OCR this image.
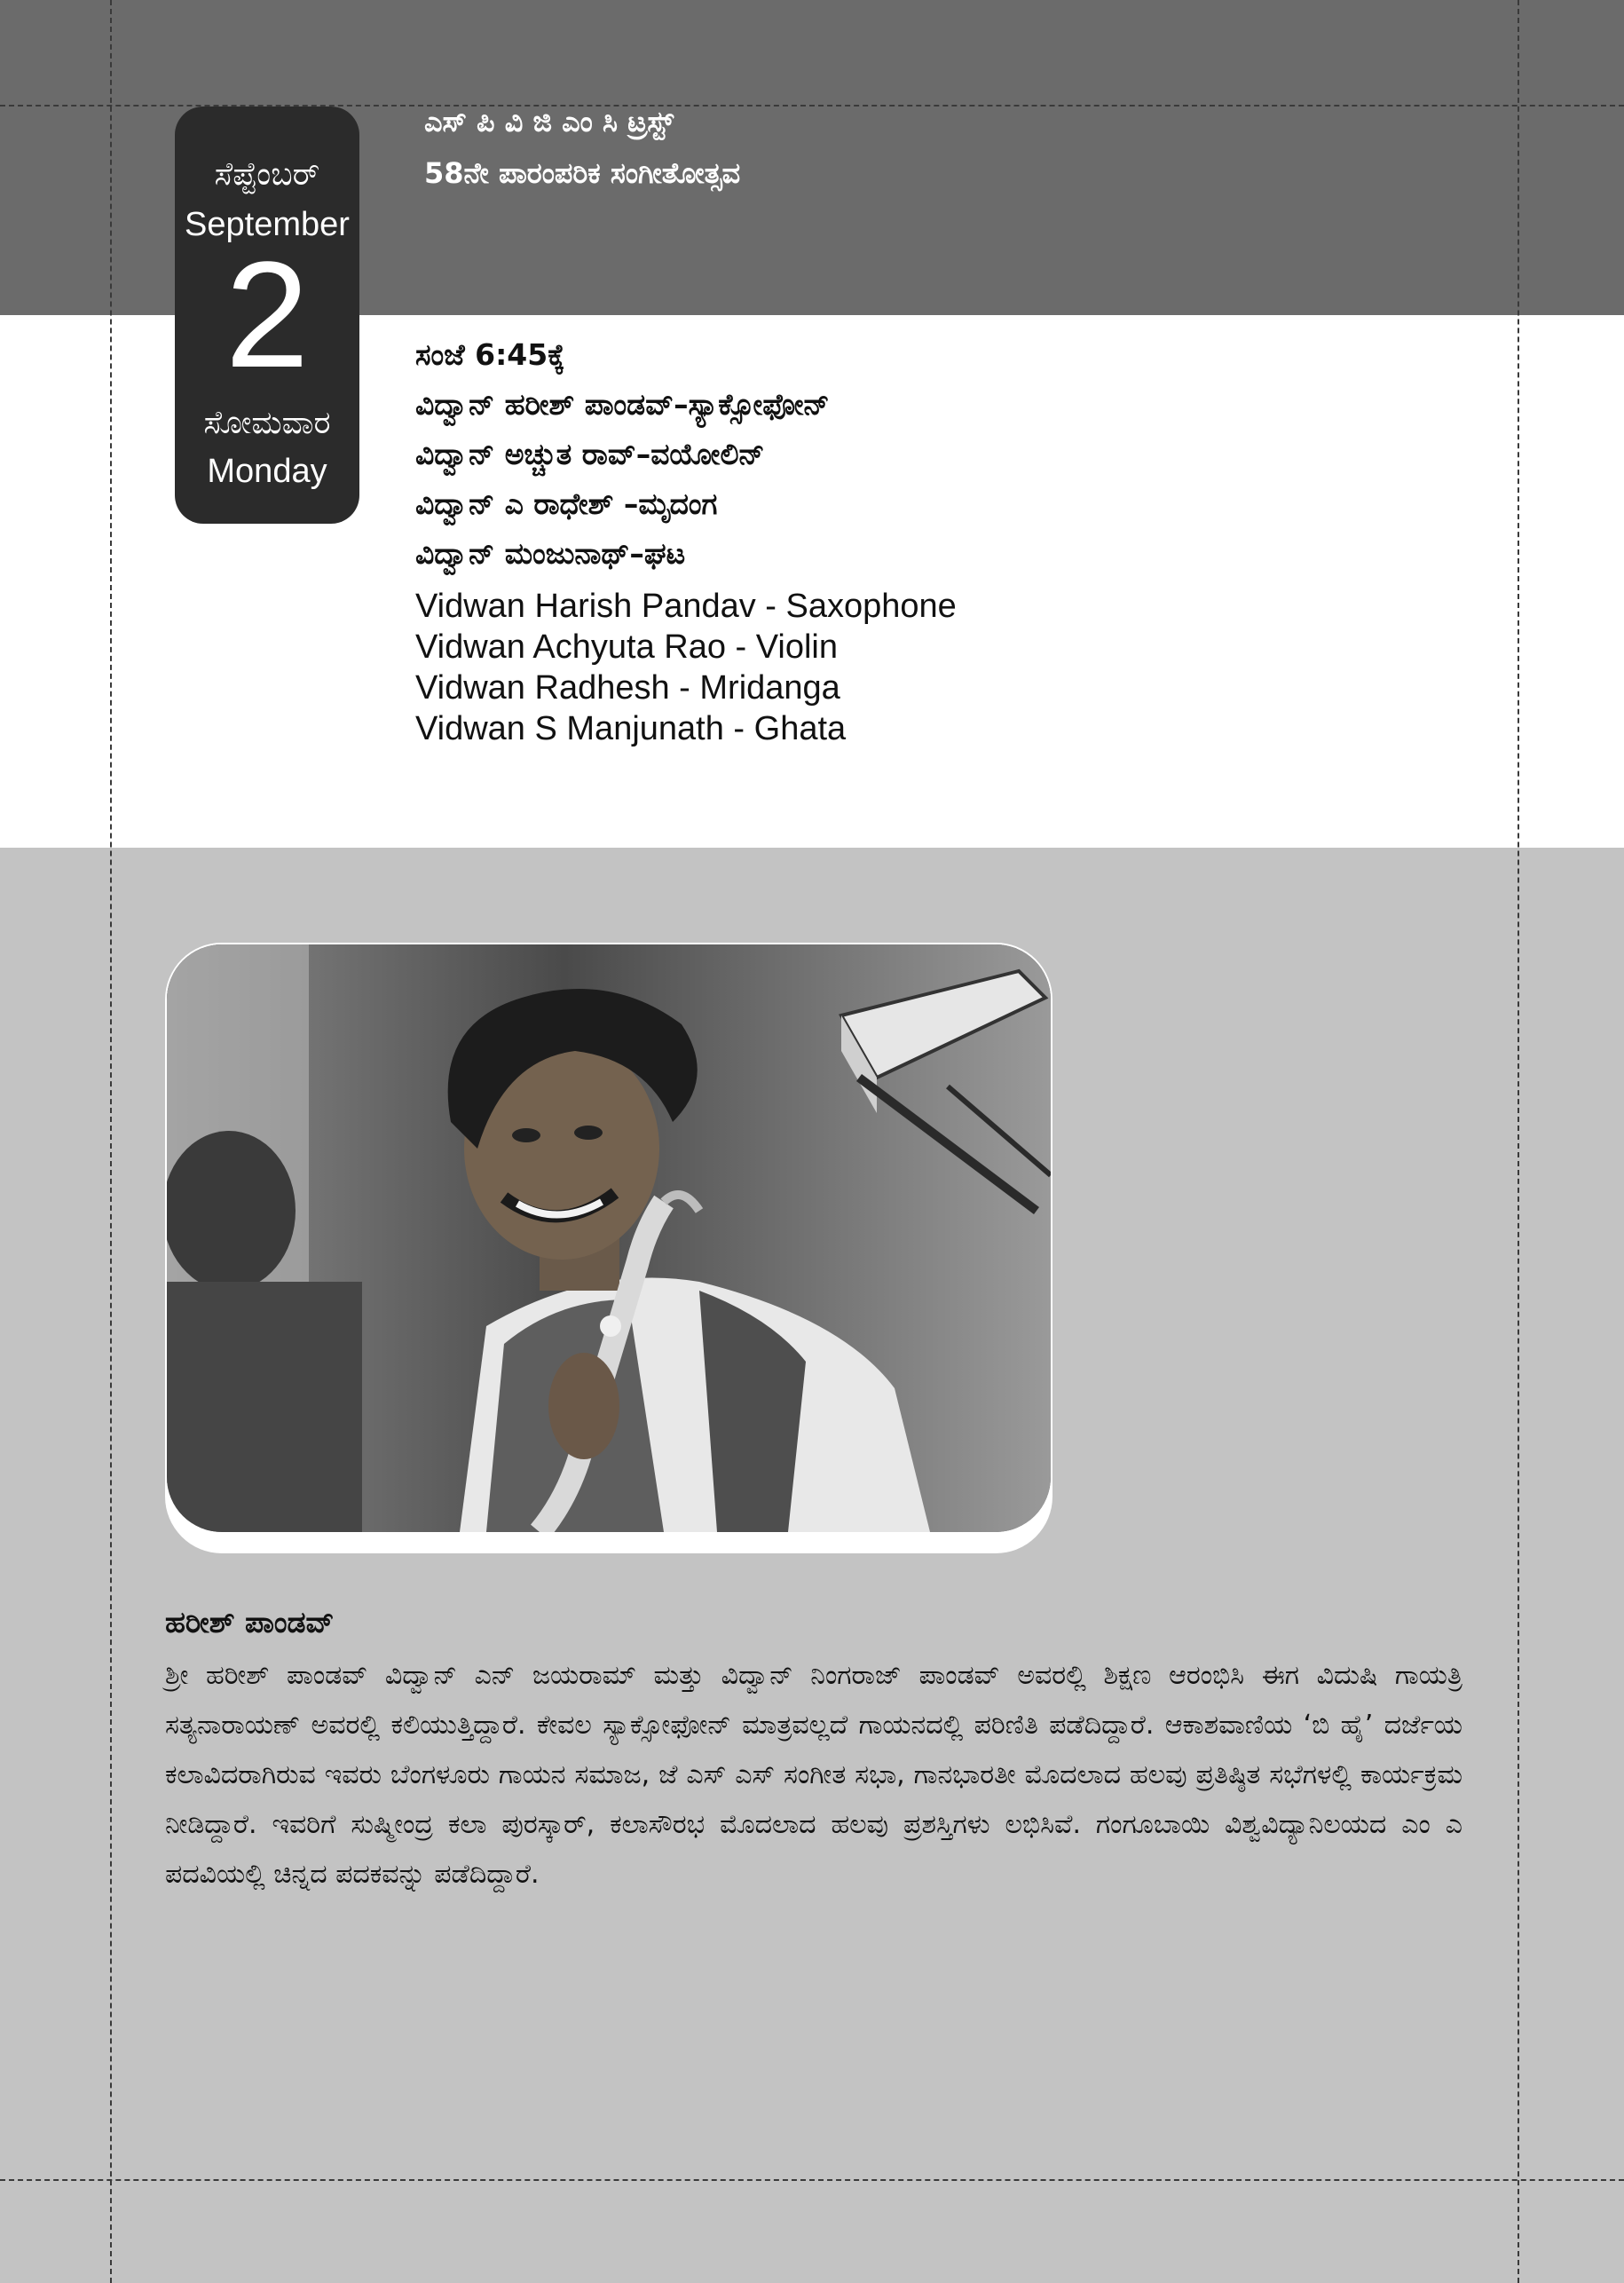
ಸೆಪ್ಟೆಂಬರ್
September
2
ಸೋಮವಾರ
Monday
ಎಸ್ ಪಿ ವಿ ಜಿ ಎಂ ಸಿ ಟ್ರಸ್ಟ್
58ನೇ ಪಾರಂಪರಿಕ ಸಂಗೀತೋತ್ಸವ
ಸಂಜೆ 6:45ಕ್ಕೆ
ವಿದ್ವಾನ್ ಹರೀಶ್ ಪಾಂಡವ್–ಸ್ಯಾಕ್ಸೋಫೋನ್
ವಿದ್ವಾನ್ ಅಚ್ಚುತ ರಾವ್–ವಯೋಲಿನ್
ವಿದ್ವಾನ್ ಎ ರಾಧೇಶ್ –ಮೃದಂಗ
ವಿದ್ವಾನ್ ಮಂಜುನಾಥ್–ಘಟ
Vidwan Harish Pandav - Saxophone
Vidwan Achyuta Rao - Violin
Vidwan Radhesh - Mridanga
Vidwan S Manjunath - Ghata
ಹರೀಶ್ ಪಾಂಡವ್

ಶ್ರೀ ಹರೀಶ್ ಪಾಂಡವ್ ವಿದ್ವಾನ್ ಎನ್ ಜಯರಾಮ್ ಮತ್ತು ವಿದ್ವಾನ್ ನಿಂಗರಾಜ್ ಪಾಂಡವ್ ಅವರಲ್ಲಿ ಶಿಕ್ಷಣ ಆರಂಭಿಸಿ ಈಗ ವಿದುಷಿ ಗಾಯತ್ರಿ ಸತ್ಯನಾರಾಯಣ್ ಅವರಲ್ಲಿ ಕಲಿಯುತ್ತಿದ್ದಾರೆ. ಕೇವಲ ಸ್ಯಾಕ್ಸೋಫೋನ್ ಮಾತ್ರವಲ್ಲದೆ ಗಾಯನದಲ್ಲಿ ಪರಿಣಿತಿ ಪಡೆದಿದ್ದಾರೆ. ಆಕಾಶವಾಣಿಯ ‘ಬಿ ಹೈ’ ದರ್ಜೆಯ ಕಲಾವಿದರಾಗಿರುವ ಇವರು ಬೆಂಗಳೂರು ಗಾಯನ ಸಮಾಜ, ಜೆ ಎಸ್ ಎಸ್ ಸಂಗೀತ ಸಭಾ, ಗಾನಭಾರತೀ ಮೊದಲಾದ ಹಲವು ಪ್ರತಿಷ್ಠಿತ ಸಭೆಗಳಲ್ಲಿ ಕಾರ್ಯಕ್ರಮ ನೀಡಿದ್ದಾರೆ. ಇವರಿಗೆ ಸುಷ್ಮೀಂದ್ರ ಕಲಾ ಪುರಸ್ಕಾರ್, ಕಲಾಸೌರಭ ಮೊದಲಾದ ಹಲವು ಪ್ರಶಸ್ತಿಗಳು ಲಭಿಸಿವೆ. ಗಂಗೂಬಾಯಿ ವಿಶ್ವವಿದ್ಯಾನಿಲಯದ ಎಂ ಎ ಪದವಿಯಲ್ಲಿ ಚಿನ್ನದ ಪದಕವನ್ನು ಪಡೆದಿದ್ದಾರೆ.
